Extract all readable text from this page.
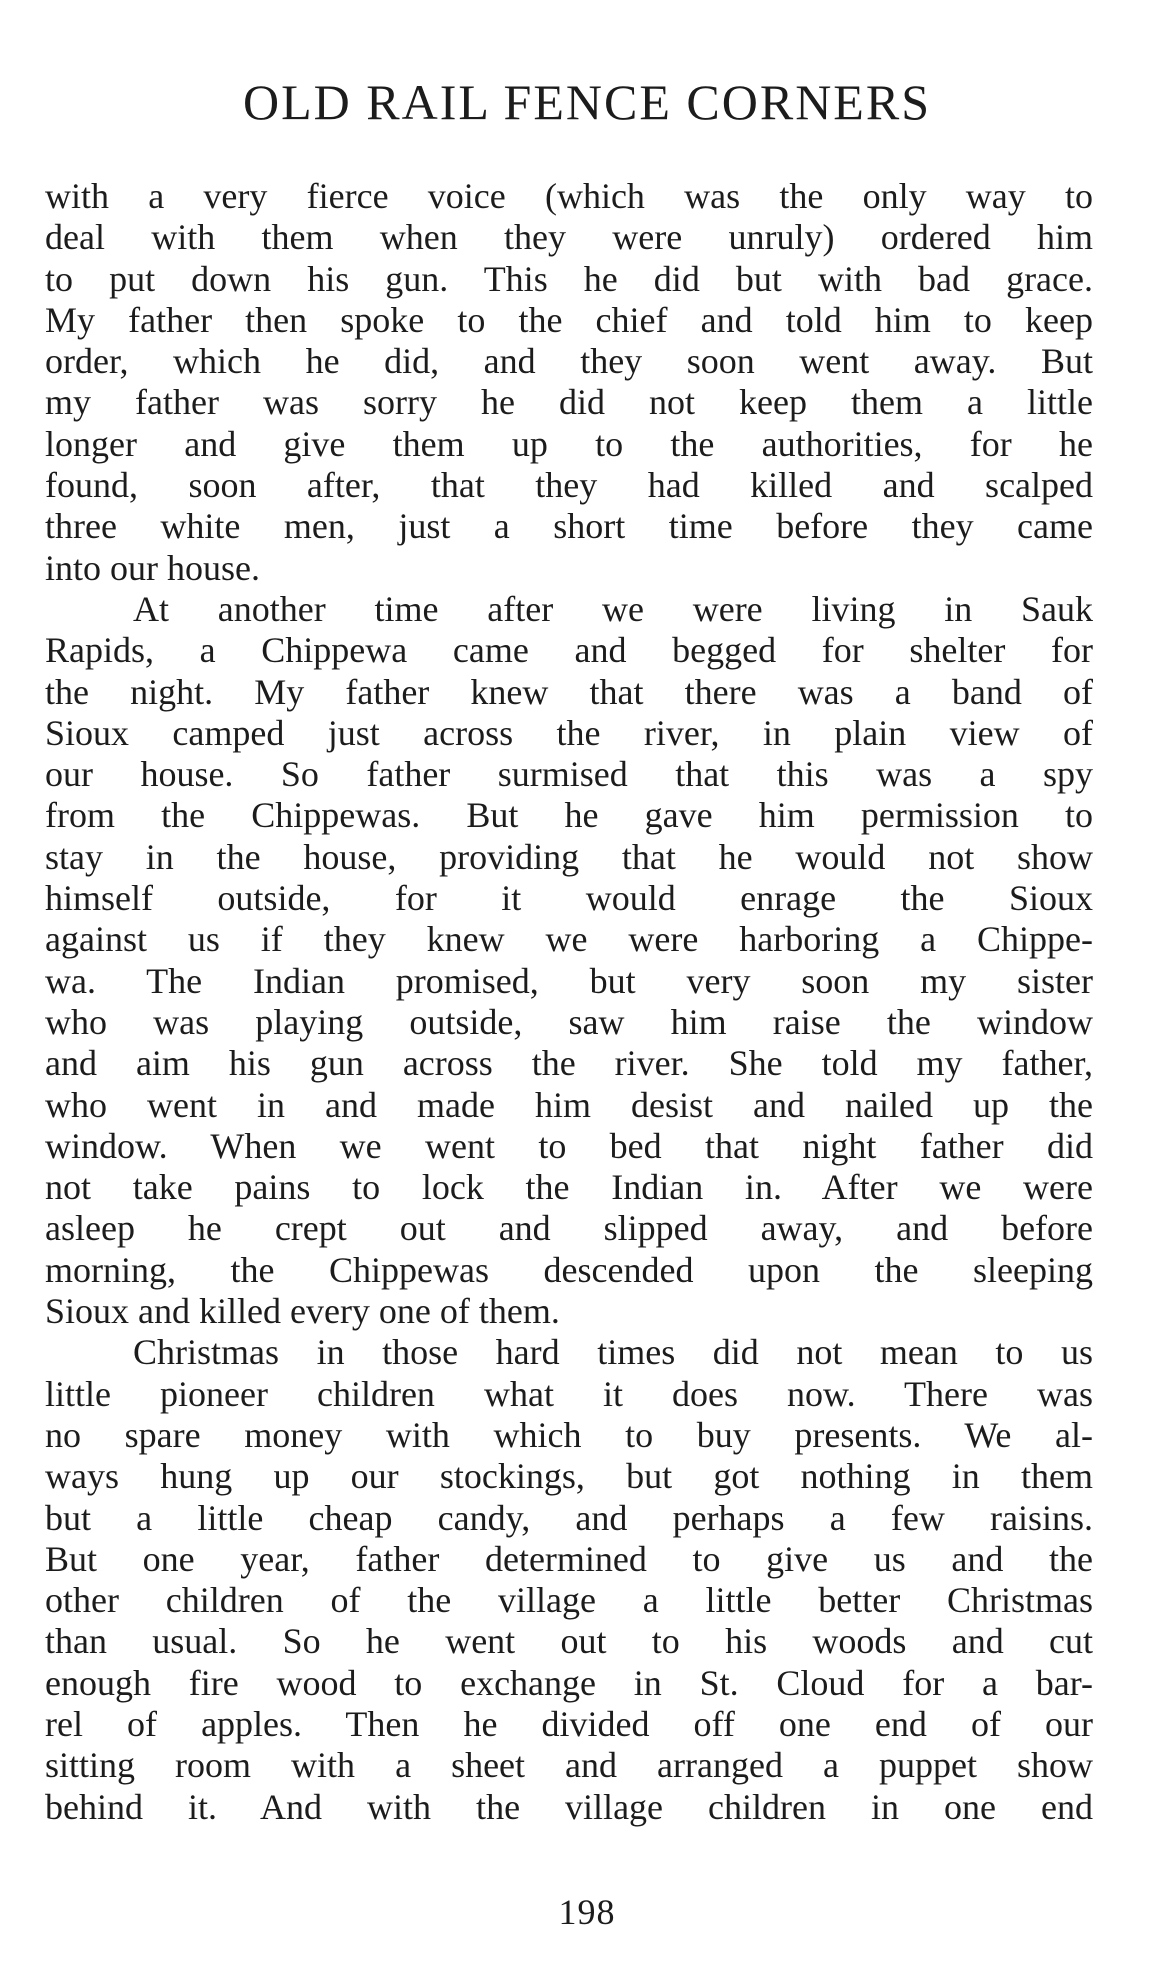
OLD RAIL FENCE CORNERS
with a very fierce voice (which was the only way to
deal with them when they were unruly) ordered him
to put down his gun. This he did but with bad grace.
My father then spoke to the chief and told him to keep
order, which he did, and they soon went away. But
my father was sorry he did not keep them a little
longer and give them up to the authorities, for he
found, soon after, that they had killed and scalped
three white men, just a short time before they came
into our house.
At another time after we were living in Sauk
Rapids, a Chippewa came and begged for shelter for
the night. My father knew that there was a band of
Sioux camped just across the river, in plain view of
our house. So father surmised that this was a spy
from the Chippewas. But he gave him permission to
stay in the house, providing that he would not show
himself outside, for it would enrage the Sioux
against us if they knew we were harboring a Chippe-
wa. The Indian promised, but very soon my sister
who was playing outside, saw him raise the window
and aim his gun across the river. She told my father,
who went in and made him desist and nailed up the
window. When we went to bed that night father did
not take pains to lock the Indian in. After we were
asleep he crept out and slipped away, and before
morning, the Chippewas descended upon the sleeping
Sioux and killed every one of them.
Christmas in those hard times did not mean to us
little pioneer children what it does now. There was
no spare money with which to buy presents. We al-
ways hung up our stockings, but got nothing in them
but a little cheap candy, and perhaps a few raisins.
But one year, father determined to give us and the
other children of the village a little better Christmas
than usual. So he went out to his woods and cut
enough fire wood to exchange in St. Cloud for a bar-
rel of apples. Then he divided off one end of our
sitting room with a sheet and arranged a puppet show
behind it. And with the village children in one end
198
